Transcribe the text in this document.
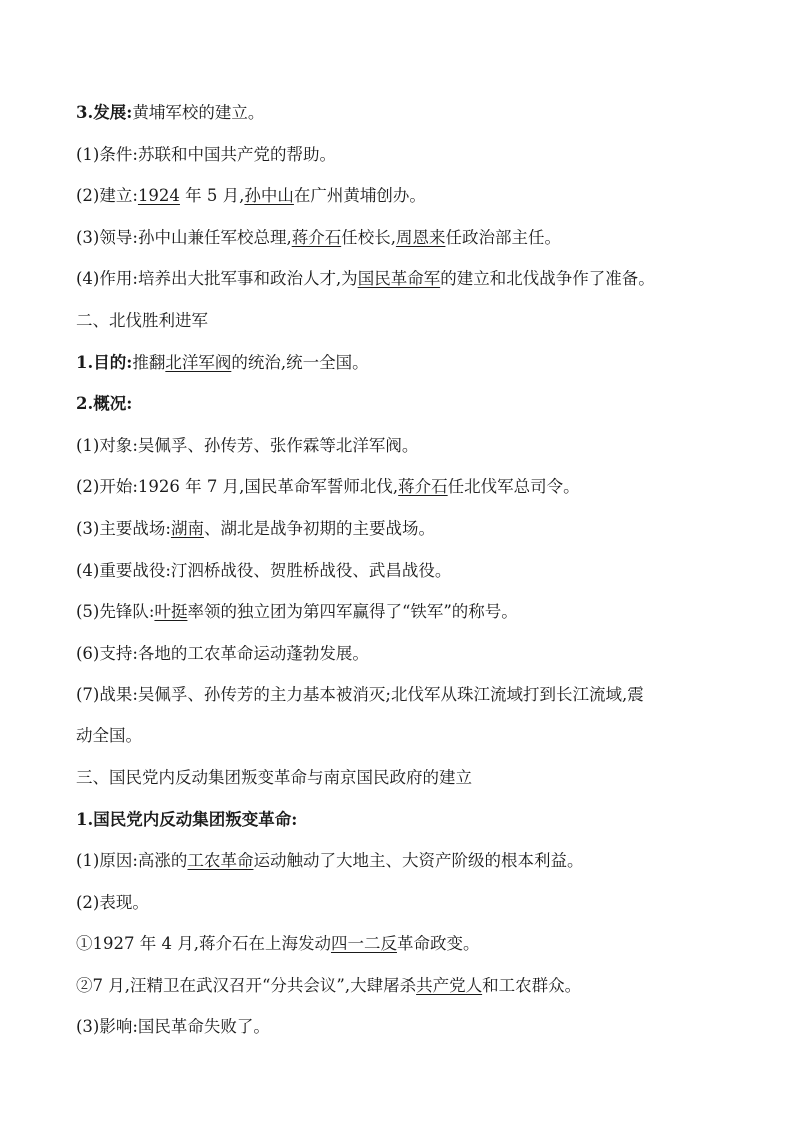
3.发展:黄埔军校的建立。
(1)条件:苏联和中国共产党的帮助。
(2)建立:1924 年 5 月,孙中山在广州黄埔创办。
(3)领导:孙中山兼任军校总理,蒋介石任校长,周恩来任政治部主任。
(4)作用:培养出大批军事和政治人才,为国民革命军的建立和北伐战争作了准备。
二、北伐胜利进军
1.目的:推翻北洋军阀的统治,统一全国。
2.概况:
(1)对象:吴佩孚、孙传芳、张作霖等北洋军阀。
(2)开始:1926 年 7 月,国民革命军誓师北伐,蒋介石任北伐军总司令。
(3)主要战场:湖南、湖北是战争初期的主要战场。
(4)重要战役:汀泗桥战役、贺胜桥战役、武昌战役。
(5)先锋队:叶挺率领的独立团为第四军赢得了“铁军”的称号。
(6)支持:各地的工农革命运动蓬勃发展。
(7)战果:吴佩孚、孙传芳的主力基本被消灭;北伐军从珠江流域打到长江流域,震
动全国。
三、国民党内反动集团叛变革命与南京国民政府的建立
1.国民党内反动集团叛变革命:
(1)原因:高涨的工农革命运动触动了大地主、大资产阶级的根本利益。
(2)表现。
①1927 年 4 月,蒋介石在上海发动四一二反革命政变。
②7 月,汪精卫在武汉召开“分共会议”,大肆屠杀共产党人和工农群众。
(3)影响:国民革命失败了。
